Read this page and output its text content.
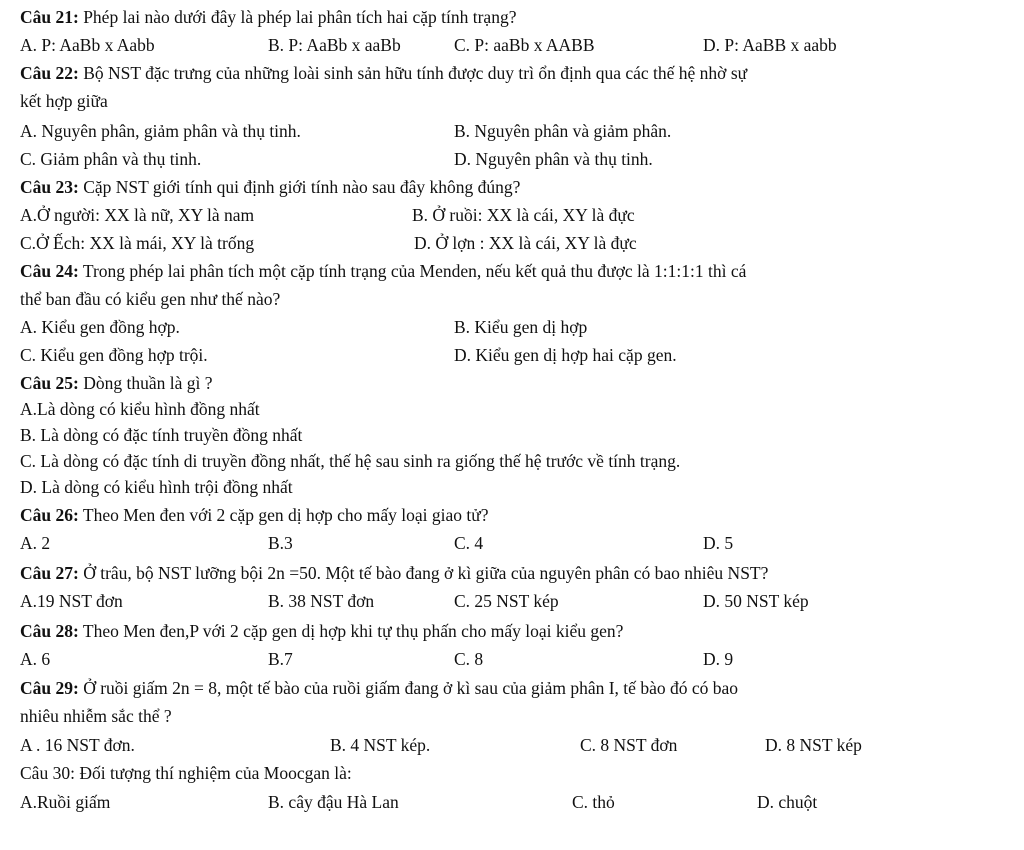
Câu 21: Phép lai nào dưới đây là phép lai phân tích hai cặp tính trạng?
A. P: AaBb x Aabb	B. P: AaBb x aaBb	C. P: aaBb x AABB	D. P: AaBB x aabb
Câu 22: Bộ NST đặc trưng của những loài sinh sản hữu tính được duy trì ổn định qua các thế hệ nhờ sự
kết hợp giữa
A. Nguyên phân, giảm phân và thụ tinh.	B. Nguyên phân và giảm phân.
C. Giảm phân và thụ tinh.	D. Nguyên phân và thụ tinh.
Câu 23: Cặp NST giới tính qui định giới tính nào sau đây không đúng?
A.Ở người: XX là nữ, XY là nam	B. Ở ruồi: XX là cái, XY là đực
C.Ở Ếch: XX là mái, XY là trống	D. Ở lợn : XX là cái, XY là đực
Câu 24: Trong phép lai phân tích một cặp tính trạng của Menden, nếu kết quả thu được là 1:1:1:1 thì cá
thể ban đầu có kiểu gen như thế nào?
A. Kiểu gen đồng hợp.	B. Kiểu gen dị hợp
C. Kiểu gen đồng hợp trội.	D. Kiểu gen dị hợp hai cặp gen.
Câu 25: Dòng thuần là gì ?
A.Là dòng có kiểu hình đồng nhất
B. Là dòng có đặc tính truyền đồng nhất
C. Là dòng có đặc tính di truyền đồng nhất, thế hệ sau sinh ra giống thế hệ trước về tính trạng.
D. Là dòng có kiểu hình trội đồng nhất
Câu 26: Theo Men đen với 2 cặp gen dị hợp cho mấy loại giao tử?
A. 2	B.3	C. 4	D. 5
Câu 27: Ở trâu, bộ NST lưỡng bội 2n =50. Một tế bào đang ở kì giữa của nguyên phân có bao nhiêu NST?
A.19 NST đơn	B. 38 NST đơn	C. 25 NST kép	D. 50 NST kép
Câu 28: Theo Men đen,P với 2 cặp gen dị hợp khi tự thụ phấn cho mấy loại kiểu gen?
A. 6	B.7	C. 8	D. 9
Câu 29: Ở ruồi giấm 2n = 8, một tế bào của ruồi giấm đang ở kì sau của giảm phân I, tế bào đó có bao
nhiêu nhiễm sắc thể ?
A . 16 NST đơn.	B. 4 NST kép.	C. 8 NST đơn	D. 8 NST kép
Câu 30: Đối tượng thí nghiệm của Moocgan là:
A.Ruồi giấm	B. cây đậu Hà Lan	C. thỏ	D. chuột
